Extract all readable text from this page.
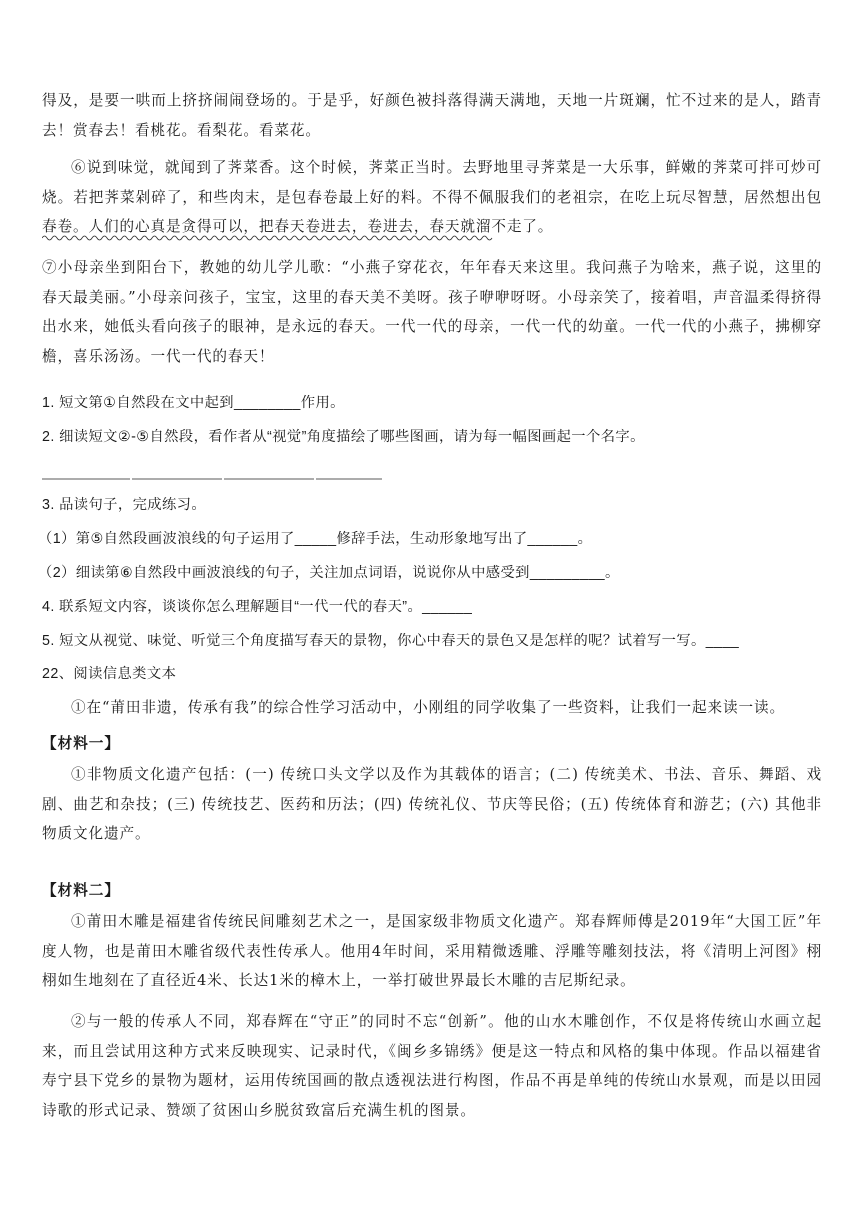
得及，是要一哄而上挤挤闹闹登场的。于是乎，好颜色被抖落得满天满地，天地一片斑斓，忙不过来的是人，踏青去！赏春去！看桃花。看梨花。看菜花。

⑥说到味觉，就闻到了荠菜香。这个时候，荠菜正当时。去野地里寻荠菜是一大乐事，鲜嫩的荠菜可拌可炒可烧。若把荠菜剁碎了，和些肉末，是包春卷最上好的料。不得不佩服我们的老祖宗，在吃上玩尽智慧，居然想出包春卷。人们的心真是贪得可以，把春天卷进去，卷进去，春天就溜不走了。

⑦小母亲坐到阳台下，教她的幼儿学儿歌：“小燕子穿花衣，年年春天来这里。我问燕子为啥来，燕子说，这里的春天最美丽。”小母亲问孩子，宝宝，这里的春天美不美呀。孩子咿咿呀呀。小母亲笑了，接着唱，声音温柔得挤得出水来，她低头看向孩子的眼神，是永远的春天。一代一代的母亲，一代一代的幼童。一代一代的小燕子，拂柳穿檐，喜乐汤汤。一代一代的春天！

1. 短文第①自然段在文中起到________作用。

2. 细读短文②-⑤自然段，看作者从“视觉”角度描绘了哪些图画，请为每一幅图画起一个名字。

3. 品读句子，完成练习。

（1）第⑤自然段画波浪线的句子运用了_____修辞手法，生动形象地写出了______。

（2）细读第⑥自然段中画波浪线的句子，关注加点词语，说说你从中感受到_________。

4. 联系短文内容，谈谈你怎么理解题目“一代一代的春天”。______

5. 短文从视觉、味觉、听觉三个角度描写春天的景物，你心中春天的景色又是怎样的呢？试着写一写。____

22、阅读信息类文本

①在“莆田非遗，传承有我”的综合性学习活动中，小刚组的同学收集了一些资料，让我们一起来读一读。

【材料一】

①非物质文化遗产包括：(一) 传统口头文学以及作为其载体的语言；(二) 传统美术、书法、音乐、舞蹈、戏剧、曲艺和杂技；(三) 传统技艺、医药和历法；(四) 传统礼仪、节庆等民俗；(五) 传统体育和游艺；(六) 其他非物质文化遗产。

【材料二】

①莆田木雕是福建省传统民间雕刻艺术之一，是国家级非物质文化遗产。郑春辉师傅是2019年“大国工匠”年度人物，也是莆田木雕省级代表性传承人。他用4年时间，采用精微透雕、浮雕等雕刻技法，将《清明上河图》栩栩如生地刻在了直径近4米、长达1米的樟木上，一举打破世界最长木雕的吉尼斯纪录。

②与一般的传承人不同，郑春辉在“守正”的同时不忘“创新”。他的山水木雕创作，不仅是将传统山水画立起来，而且尝试用这种方式来反映现实、记录时代，《闽乡多锦绣》便是这一特点和风格的集中体现。作品以福建省寿宁县下党乡的景物为题材，运用传统国画的散点透视法进行构图，作品不再是单纯的传统山水景观，而是以田园诗歌的形式记录、赞颂了贫困山乡脱贫致富后充满生机的图景。
